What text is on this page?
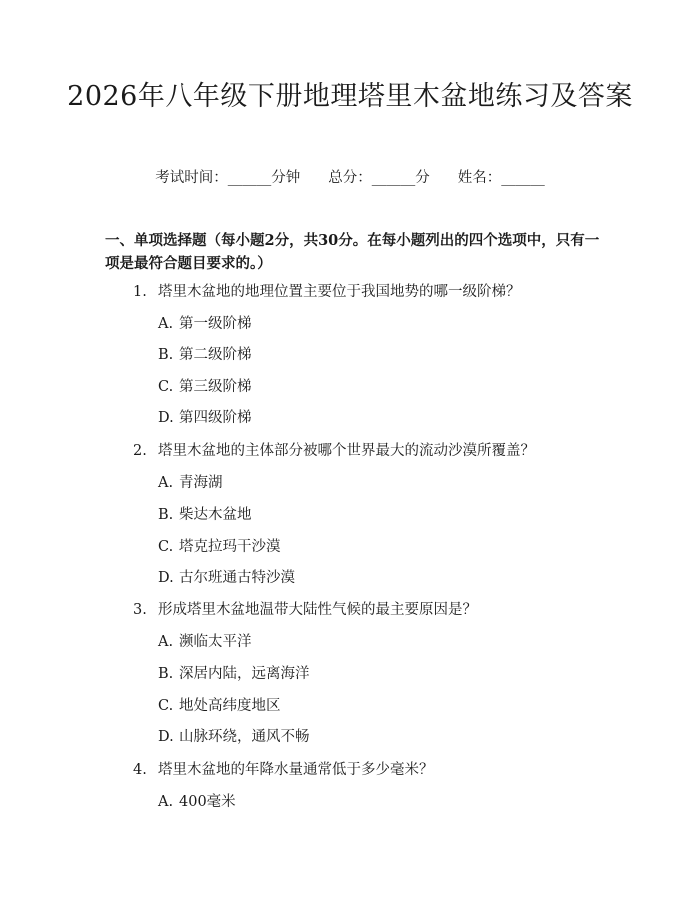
2026年八年级下册地理塔里木盆地练习及答案
考试时间：______分钟 总分：______分 姓名：______

一、单项选择题（每小题2分，共30分。在每小题列出的四个选项中，只有一项是最符合题目要求的。）

1. 塔里木盆地的地理位置主要位于我国地势的哪一级阶梯？
A. 第一级阶梯
B. 第二级阶梯
C. 第三级阶梯
D. 第四级阶梯
2. 塔里木盆地的主体部分被哪个世界最大的流动沙漠所覆盖？
A. 青海湖
B. 柴达木盆地
C. 塔克拉玛干沙漠
D. 古尔班通古特沙漠
3. 形成塔里木盆地温带大陆性气候的最主要原因是？
A. 濒临太平洋
B. 深居内陆，远离海洋
C. 地处高纬度地区
D. 山脉环绕，通风不畅
4. 塔里木盆地的年降水量通常低于多少毫米？
A. 400毫米
